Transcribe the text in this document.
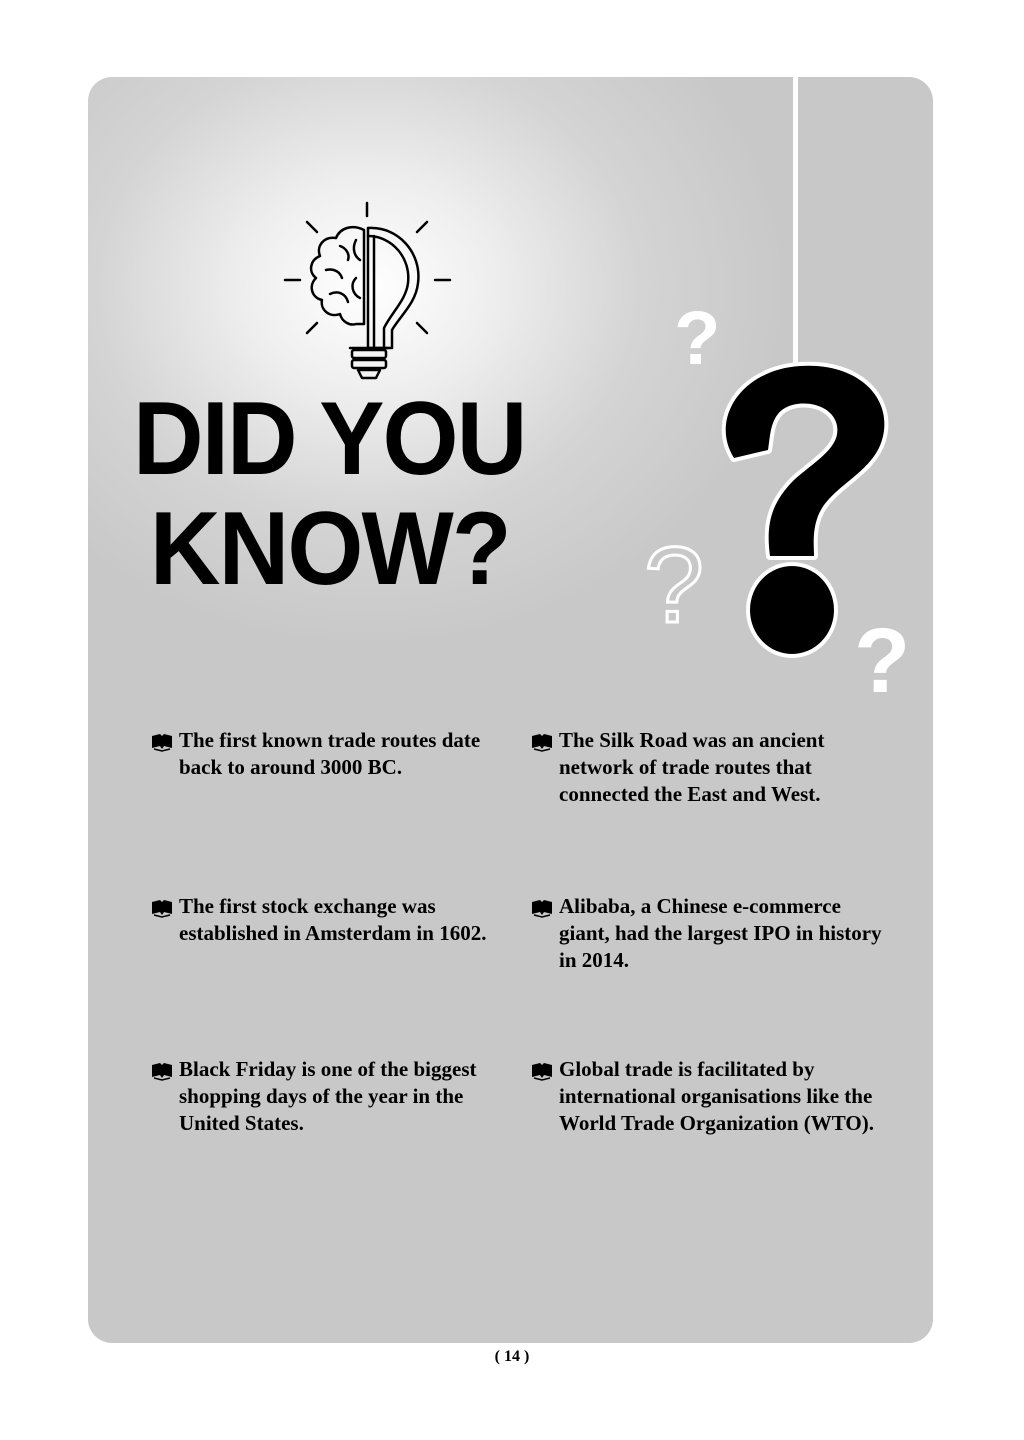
DID YOU
KNOW?
?
?
?

The first known trade routes date back to around 3000 BC.

The Silk Road was an ancient network of trade routes that connected the East and West.

The first stock exchange was established in Amsterdam in 1602.

Alibaba, a Chinese e-commerce giant, had the largest IPO in history in 2014.

Black Friday is one of the biggest shopping days of the year in the United States.

Global trade is facilitated by international organisations like the World Trade Organization (WTO).

( 14 )
